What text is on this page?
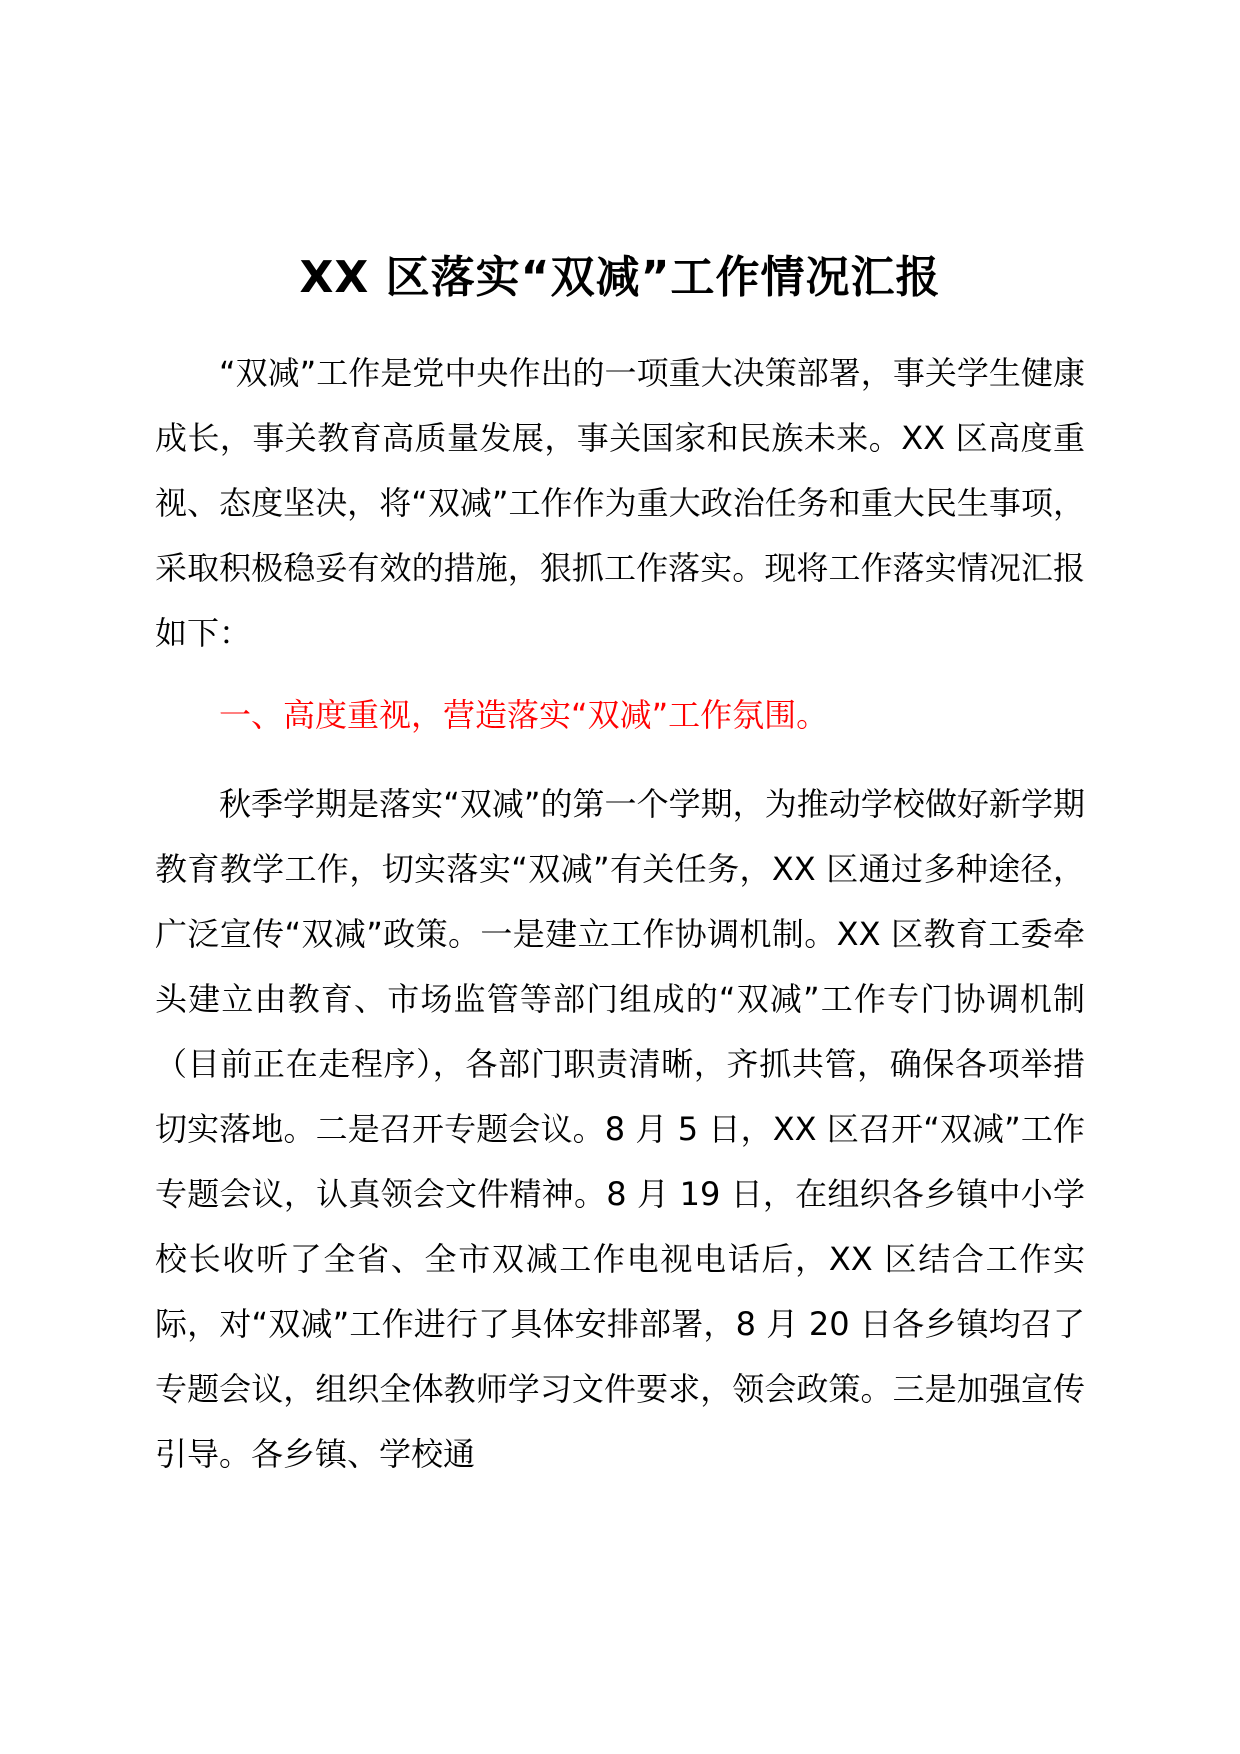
XX 区落实“双减”工作情况汇报

“双减”工作是党中央作出的一项重大决策部署，事关学生健康成长，事关教育高质量发展，事关国家和民族未来。XX 区高度重视、态度坚决，将“双减”工作作为重大政治任务和重大民生事项，采取积极稳妥有效的措施，狠抓工作落实。现将工作落实情况汇报如下：

一、高度重视，营造落实“双减”工作氛围。

秋季学期是落实“双减”的第一个学期，为推动学校做好新学期教育教学工作，切实落实“双减”有关任务，XX 区通过多种途径，广泛宣传“双减”政策。一是建立工作协调机制。XX 区教育工委牵头建立由教育、市场监管等部门组成的“双减”工作专门协调机制（目前正在走程序），各部门职责清晰，齐抓共管，确保各项举措切实落地。二是召开专题会议。8 月 5 日，XX 区召开“双减”工作专题会议，认真领会文件精神。8 月 19 日，在组织各乡镇中小学校长收听了全省、全市双减工作电视电话后，XX 区结合工作实际，对“双减”工作进行了具体安排部署，8 月 20 日各乡镇均召了专题会议，组织全体教师学习文件要求，领会政策。三是加强宣传引导。各乡镇、学校通
